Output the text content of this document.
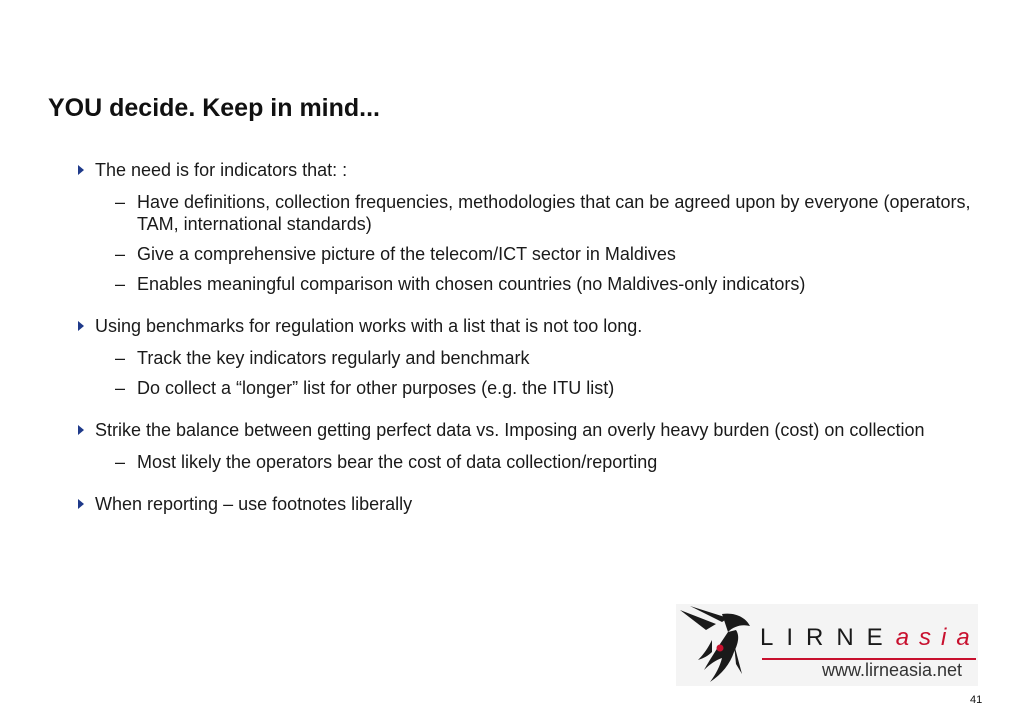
YOU decide. Keep in mind...
The need is for indicators that: :
– Have definitions, collection frequencies, methodologies that can be agreed upon by everyone (operators, TAM, international standards)
– Give a comprehensive picture of the telecom/ICT sector in Maldives
– Enables meaningful comparison with chosen countries (no Maldives-only indicators)
Using benchmarks for regulation works with a list that is not too long.
– Track the key indicators regularly and benchmark
– Do collect a “longer” list for other purposes (e.g. the ITU list)
Strike the balance between getting perfect data vs. Imposing an overly heavy burden (cost) on collection
– Most likely the operators bear the cost of data collection/reporting
When reporting – use footnotes liberally
LIRNEasia
www.lirneasia.net
41
